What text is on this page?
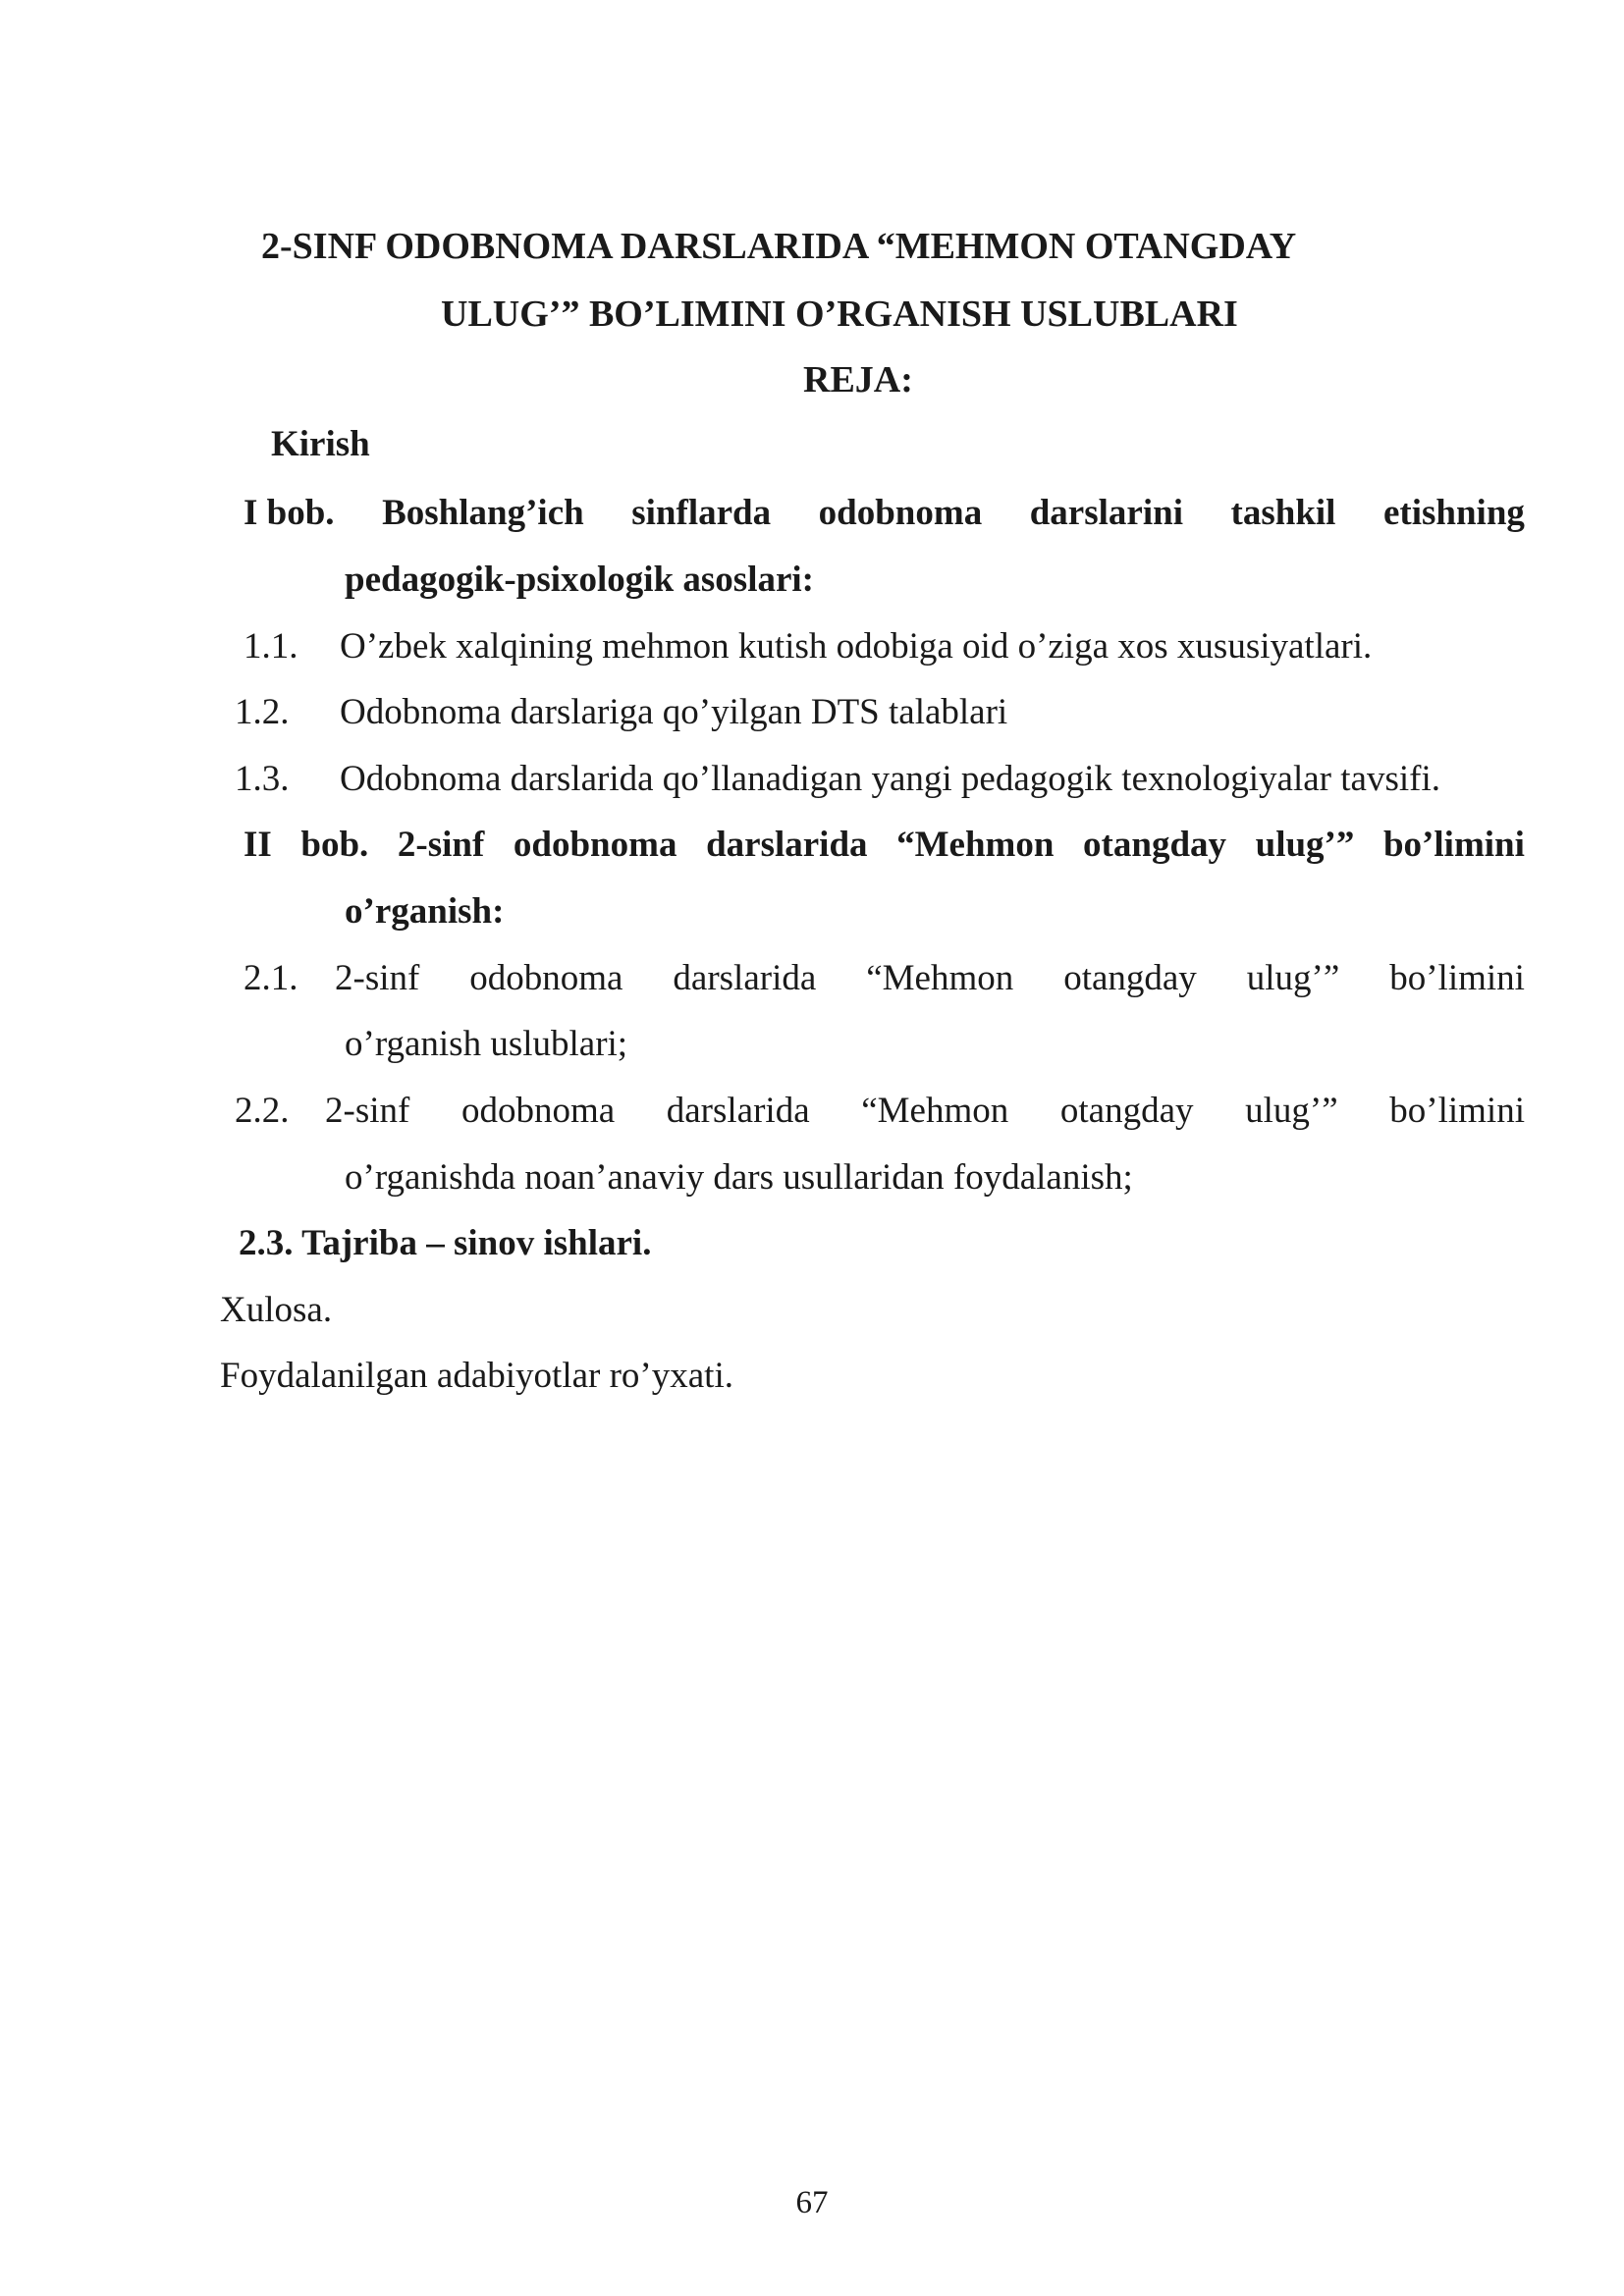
2-SINF ODOBNOMA DARSLARIDA “MEHMON OTANGDAY
ULUG’” BO’LIMINI O’RGANISH USLUBLARI
REJA:
Kirish
I bob. Boshlang’ich sinflarda odobnoma darslarini tashkil etishning
pedagogik-psixologik asoslari:
1.1. O’zbek xalqining mehmon kutish odobiga oid o’ziga xos xususiyatlari.
1.2. Odobnoma darslariga qo’yilgan DTS talablari
1.3. Odobnoma darslarida qo’llanadigan yangi pedagogik texnologiyalar tavsifi.
II bob. 2-sinf odobnoma darslarida “Mehmon otangday ulug’” bo’limini
o’rganish:
2.1. 2-sinf odobnoma darslarida “Mehmon otangday ulug’” bo’limini
o’rganish uslublari;
2.2. 2-sinf odobnoma darslarida “Mehmon otangday ulug’” bo’limini
o’rganishda noan’anaviy dars usullaridan foydalanish;
2.3. Tajriba – sinov ishlari.
Xulosa.
Foydalanilgan adabiyotlar ro’yxati.
67
